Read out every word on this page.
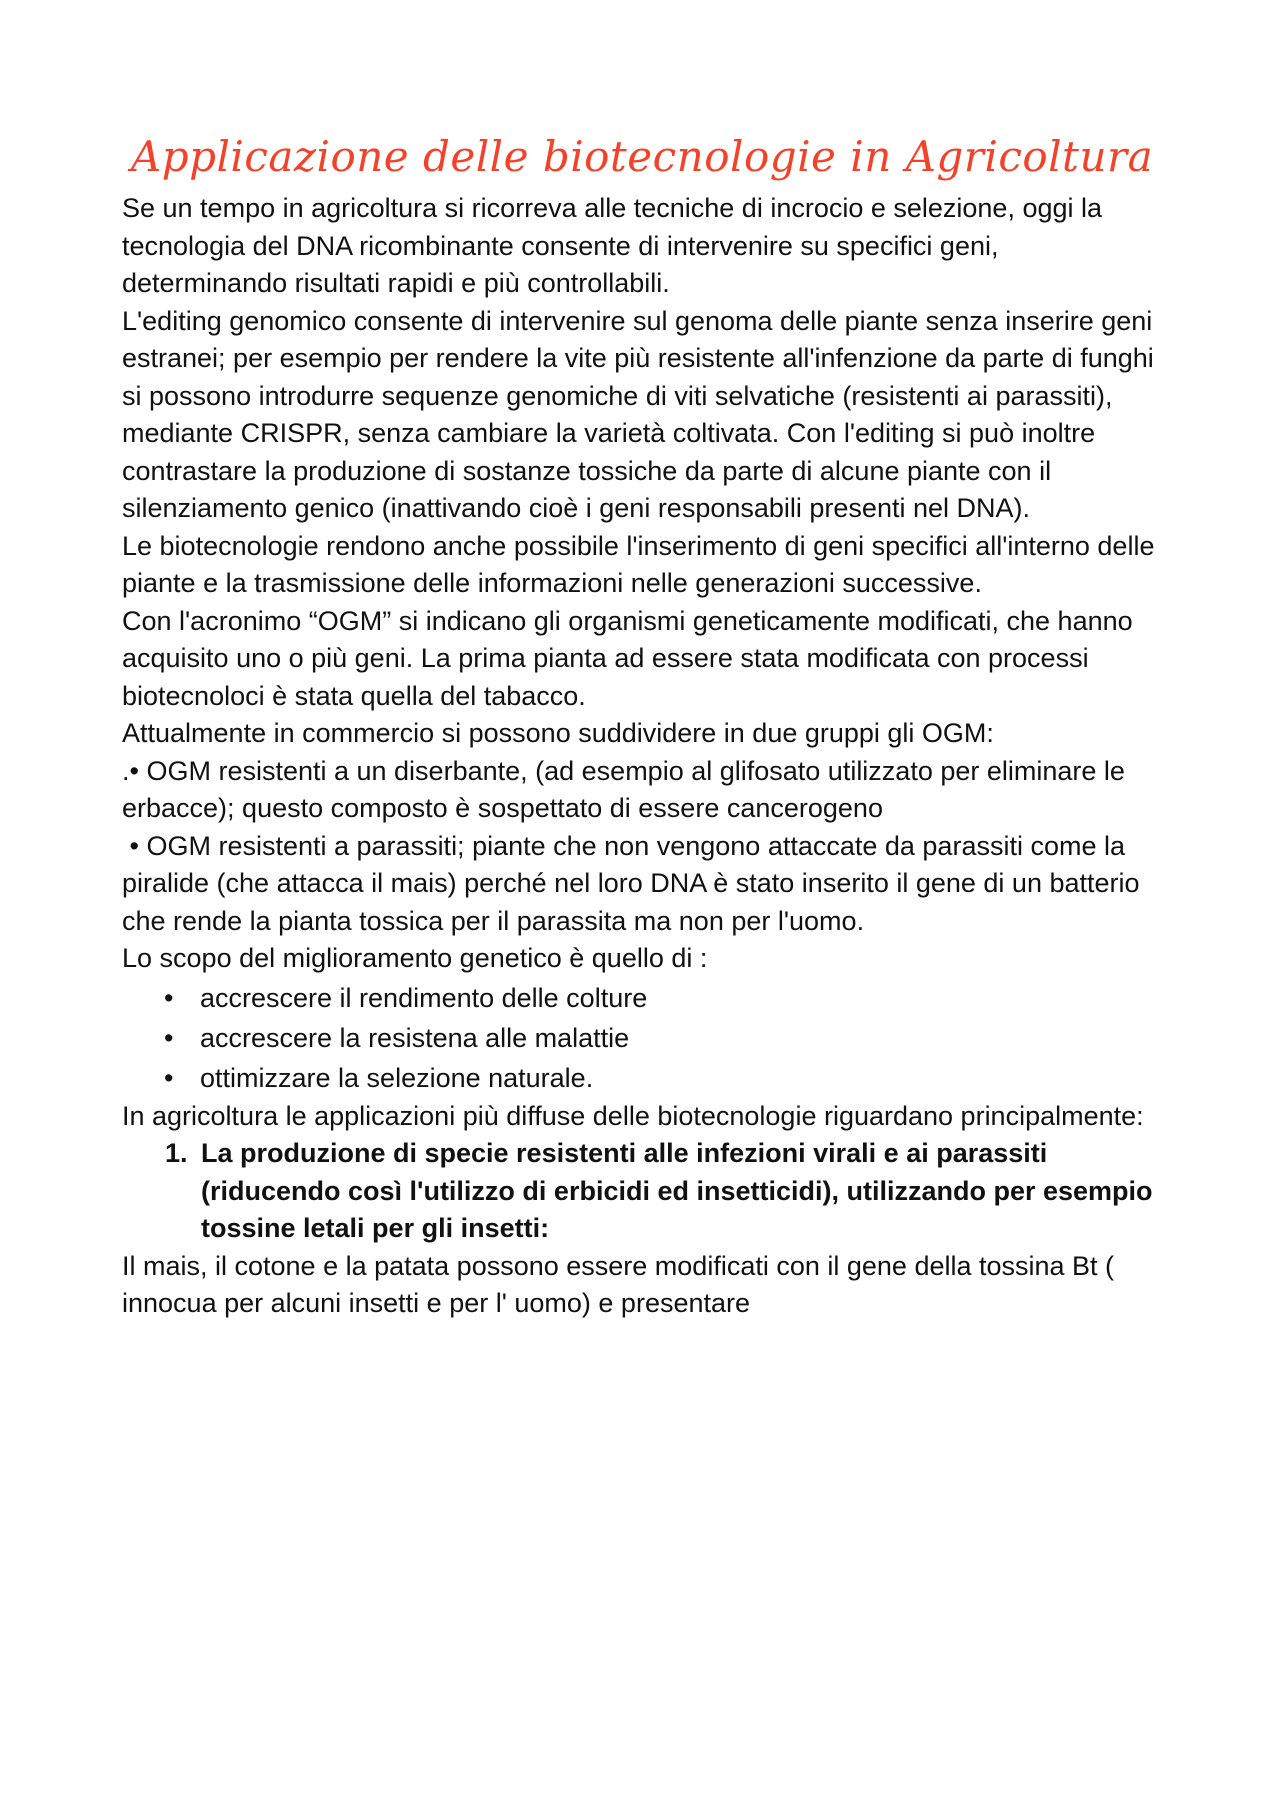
Applicazione delle biotecnologie in Agricoltura

Se un tempo in agricoltura si ricorreva alle tecniche di incrocio e selezione, oggi la tecnologia del DNA ricombinante consente di intervenire su specifici geni, determinando risultati rapidi e più controllabili.

L'editing genomico consente di intervenire sul genoma delle piante senza inserire geni estranei; per esempio per rendere la vite più resistente all'infenzione da parte di funghi si possono introdurre sequenze genomiche di viti selvatiche (resistenti ai parassiti), mediante CRISPR, senza cambiare la varietà coltivata. Con l'editing si può inoltre contrastare la produzione di sostanze tossiche da parte di alcune piante con il silenziamento genico (inattivando cioè i geni responsabili presenti nel DNA).

Le biotecnologie rendono anche possibile l'inserimento di geni specifici all'interno delle piante e la trasmissione delle informazioni nelle generazioni successive.

Con l'acronimo “OGM” si indicano gli organismi geneticamente modificati, che hanno acquisito uno o più geni. La prima pianta ad essere stata modificata con processi biotecnoloci è stata quella del tabacco.

Attualmente in commercio si possono suddividere in due gruppi gli OGM:

.• OGM resistenti a un diserbante, (ad esempio al glifosato utilizzato per eliminare le erbacce); questo composto è sospettato di essere cancerogeno

• OGM resistenti a parassiti; piante che non vengono attaccate da parassiti come la piralide (che attacca il mais) perché nel loro DNA è stato inserito il gene di un batterio che rende la pianta tossica per il parassita ma non per l'uomo.

Lo scopo del miglioramento genetico è quello di :

• accrescere il rendimento delle colture
• accrescere la resistena alle malattie
• ottimizzare la selezione naturale.

In agricoltura le applicazioni più diffuse delle biotecnologie riguardano principalmente:

1. La produzione di specie resistenti alle infezioni virali e ai parassiti (riducendo così l'utilizzo di erbicidi ed insetticidi), utilizzando per esempio tossine letali per gli insetti:

Il mais, il cotone e la patata possono essere modificati con il gene della tossina Bt ( innocua per alcuni insetti e per l' uomo) e presentare
